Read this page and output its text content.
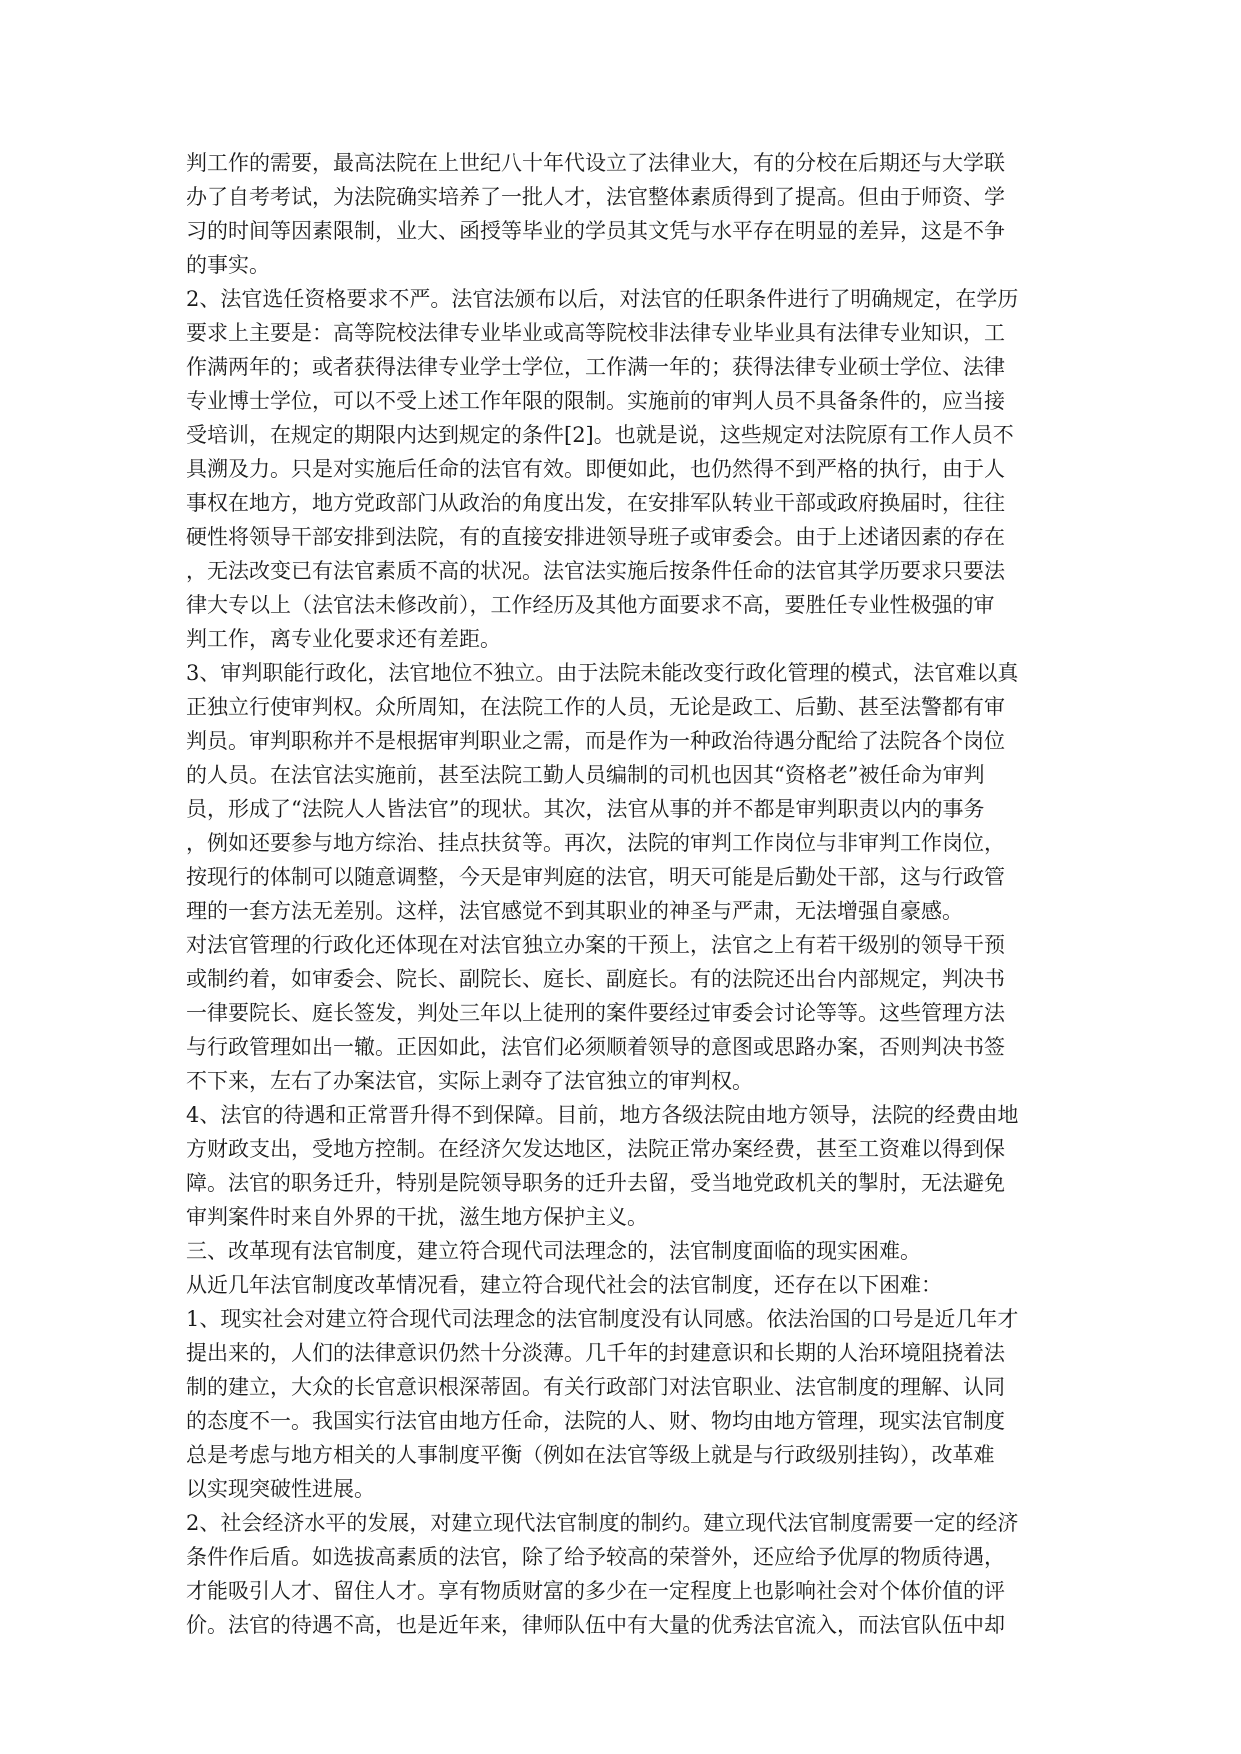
判工作的需要，最高法院在上世纪八十年代设立了法律业大，有的分校在后期还与大学联
办了自考考试，为法院确实培养了一批人才，法官整体素质得到了提高。但由于师资、学
习的时间等因素限制，业大、函授等毕业的学员其文凭与水平存在明显的差异，这是不争
的事实。
2、法官选任资格要求不严。法官法颁布以后，对法官的任职条件进行了明确规定，在学历
要求上主要是：高等院校法律专业毕业或高等院校非法律专业毕业具有法律专业知识，工
作满两年的；或者获得法律专业学士学位，工作满一年的；获得法律专业硕士学位、法律
专业博士学位，可以不受上述工作年限的限制。实施前的审判人员不具备条件的，应当接
受培训，在规定的期限内达到规定的条件[2]。也就是说，这些规定对法院原有工作人员不
具溯及力。只是对实施后任命的法官有效。即便如此，也仍然得不到严格的执行，由于人
事权在地方，地方党政部门从政治的角度出发，在安排军队转业干部或政府换届时，往往
硬性将领导干部安排到法院，有的直接安排进领导班子或审委会。由于上述诸因素的存在
，无法改变已有法官素质不高的状况。法官法实施后按条件任命的法官其学历要求只要法
律大专以上（法官法未修改前），工作经历及其他方面要求不高，要胜任专业性极强的审
判工作，离专业化要求还有差距。
3、审判职能行政化，法官地位不独立。由于法院未能改变行政化管理的模式，法官难以真
正独立行使审判权。众所周知，在法院工作的人员，无论是政工、后勤、甚至法警都有审
判员。审判职称并不是根据审判职业之需，而是作为一种政治待遇分配给了法院各个岗位
的人员。在法官法实施前，甚至法院工勤人员编制的司机也因其“资格老”被任命为审判
员，形成了“法院人人皆法官”的现状。其次，法官从事的并不都是审判职责以内的事务
，例如还要参与地方综治、挂点扶贫等。再次，法院的审判工作岗位与非审判工作岗位，
按现行的体制可以随意调整，今天是审判庭的法官，明天可能是后勤处干部，这与行政管
理的一套方法无差别。这样，法官感觉不到其职业的神圣与严肃，无法增强自豪感。
对法官管理的行政化还体现在对法官独立办案的干预上，法官之上有若干级别的领导干预
或制约着，如审委会、院长、副院长、庭长、副庭长。有的法院还出台内部规定，判决书
一律要院长、庭长签发，判处三年以上徒刑的案件要经过审委会讨论等等。这些管理方法
与行政管理如出一辙。正因如此，法官们必须顺着领导的意图或思路办案，否则判决书签
不下来，左右了办案法官，实际上剥夺了法官独立的审判权。
4、法官的待遇和正常晋升得不到保障。目前，地方各级法院由地方领导，法院的经费由地
方财政支出，受地方控制。在经济欠发达地区，法院正常办案经费，甚至工资难以得到保
障。法官的职务迁升，特别是院领导职务的迁升去留，受当地党政机关的掣肘，无法避免
审判案件时来自外界的干扰，滋生地方保护主义。
三、改革现有法官制度，建立符合现代司法理念的，法官制度面临的现实困难。
从近几年法官制度改革情况看，建立符合现代社会的法官制度，还存在以下困难：
1、现实社会对建立符合现代司法理念的法官制度没有认同感。依法治国的口号是近几年才
提出来的，人们的法律意识仍然十分淡薄。几千年的封建意识和长期的人治环境阻挠着法
制的建立，大众的长官意识根深蒂固。有关行政部门对法官职业、法官制度的理解、认同
的态度不一。我国实行法官由地方任命，法院的人、财、物均由地方管理，现实法官制度
总是考虑与地方相关的人事制度平衡（例如在法官等级上就是与行政级别挂钩），改革难
以实现突破性进展。
2、社会经济水平的发展，对建立现代法官制度的制约。建立现代法官制度需要一定的经济
条件作后盾。如选拔高素质的法官，除了给予较高的荣誉外，还应给予优厚的物质待遇，
才能吸引人才、留住人才。享有物质财富的多少在一定程度上也影响社会对个体价值的评
价。法官的待遇不高，也是近年来，律师队伍中有大量的优秀法官流入，而法官队伍中却
